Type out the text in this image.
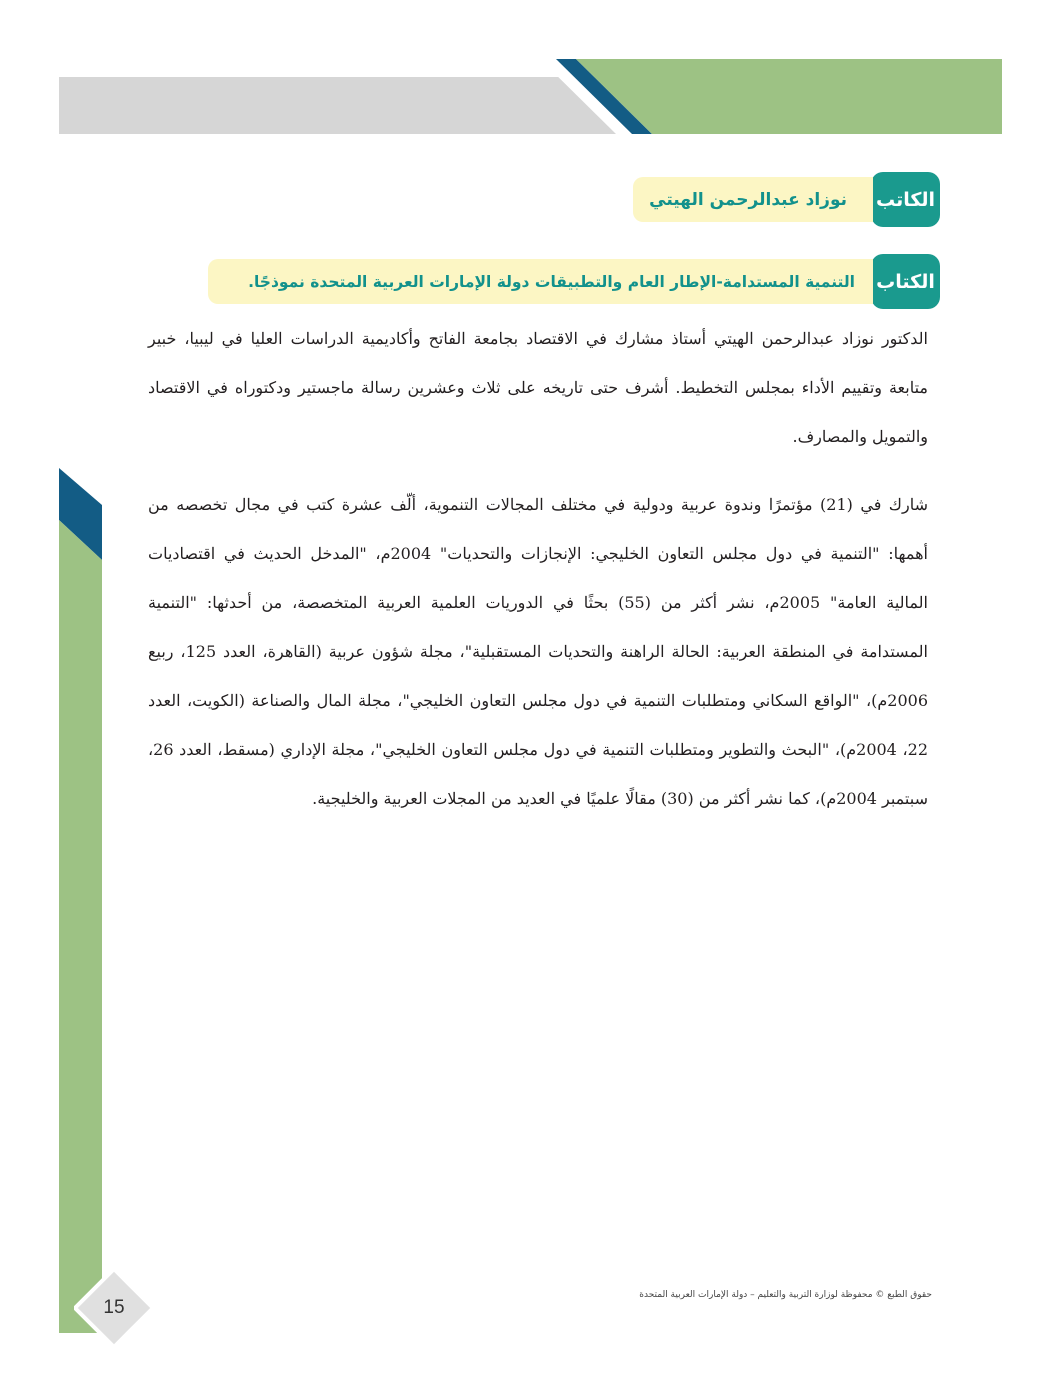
الكاتب
نوزاد عبدالرحمن الهيتي
الكتاب
التنمية المستدامة-الإطار العام والتطبيقات دولة الإمارات العربية المتحدة نموذجًا.
الدكتور نوزاد عبدالرحمن الهيتي أستاذ مشارك في الاقتصاد بجامعة الفاتح وأكاديمية الدراسات العليا في ليبيا، خبير متابعة وتقييم الأداء بمجلس التخطيط. أشرف حتى تاريخه على ثلاث وعشرين رسالة ماجستير ودكتوراه في الاقتصاد والتمويل والمصارف.
شارك في (21) مؤتمرًا وندوة عربية ودولية في مختلف المجالات التنموية، ألّف عشرة كتب في مجال تخصصه من أهمها: "التنمية في دول مجلس التعاون الخليجي: الإنجازات والتحديات" 2004م، "المدخل الحديث في اقتصاديات المالية العامة" 2005م، نشر أكثر من (55) بحثًا في الدوريات العلمية العربية المتخصصة، من أحدثها: "التنمية المستدامة في المنطقة العربية: الحالة الراهنة والتحديات المستقبلية"، مجلة شؤون عربية (القاهرة، العدد 125، ربيع 2006م)، "الواقع السكاني ومتطلبات التنمية في دول مجلس التعاون الخليجي"، مجلة المال والصناعة (الكويت، العدد 22، 2004م)، "البحث والتطوير ومتطلبات التنمية في دول مجلس التعاون الخليجي"، مجلة الإداري (مسقط، العدد 26، سبتمبر 2004م)، كما نشر أكثر من (30) مقالًا علميًا في العديد من المجلات العربية والخليجية.
15
حقوق الطبع © محفوظة لوزارة التربية والتعليم – دولة الإمارات العربية المتحدة
